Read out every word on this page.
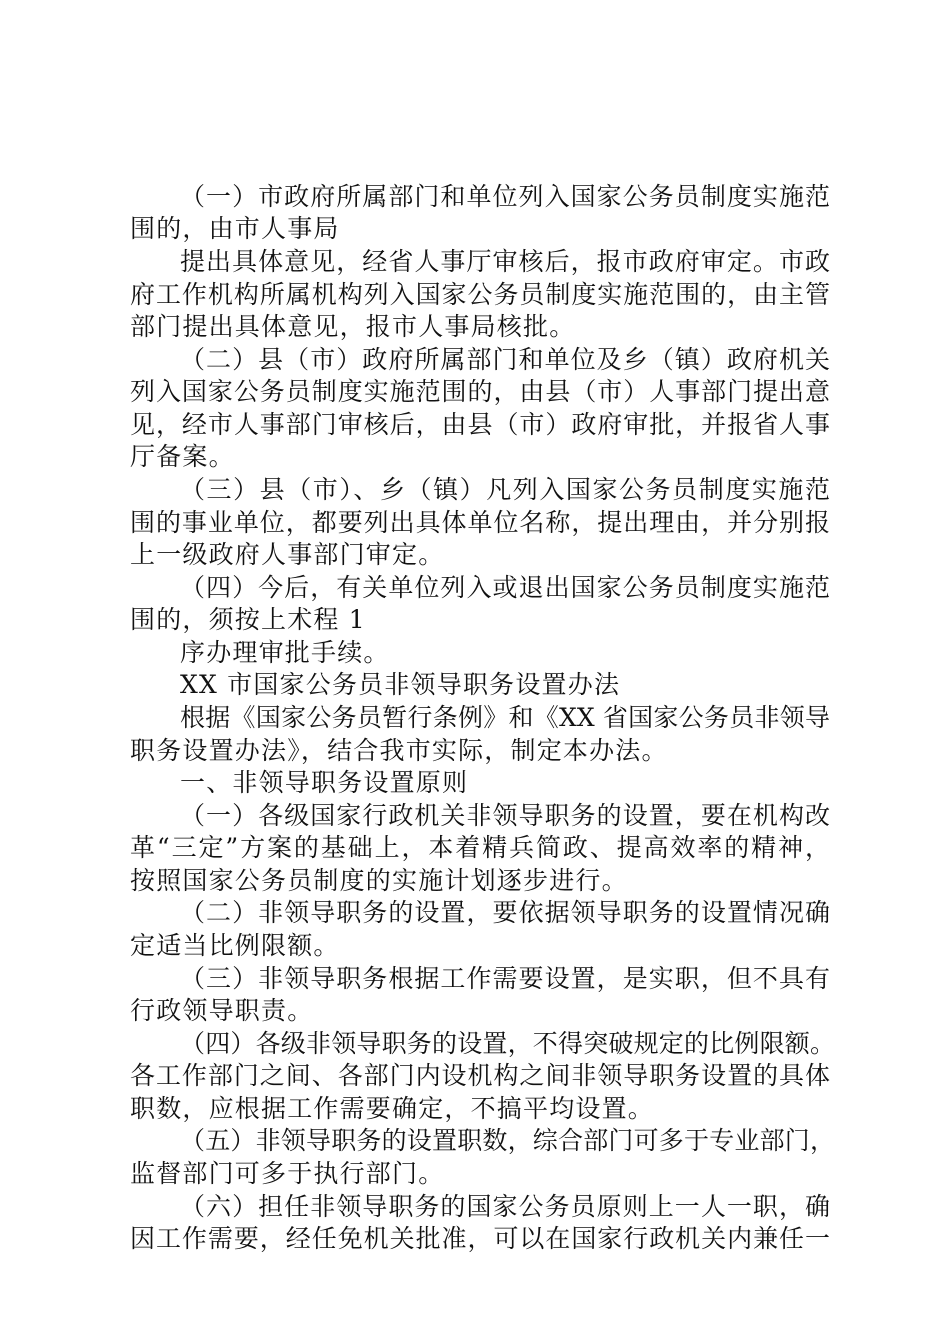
（一）市政府所属部门和单位列入国家公务员制度实施范
围的，由市人事局
提出具体意见，经省人事厅审核后，报市政府审定。市政
府工作机构所属机构列入国家公务员制度实施范围的，由主管
部门提出具体意见，报市人事局核批。
（二）县（市）政府所属部门和单位及乡（镇）政府机关
列入国家公务员制度实施范围的，由县（市）人事部门提出意
见，经市人事部门审核后，由县（市）政府审批，并报省人事
厅备案。
（三）县（市）、乡（镇）凡列入国家公务员制度实施范
围的事业单位，都要列出具体单位名称，提出理由，并分别报
上一级政府人事部门审定。
（四）今后，有关单位列入或退出国家公务员制度实施范
围的，须按上术程 1
序办理审批手续。
XX 市国家公务员非领导职务设置办法
根据《国家公务员暂行条例》和《XX 省国家公务员非领导
职务设置办法》，结合我市实际，制定本办法。
一、非领导职务设置原则
（一）各级国家行政机关非领导职务的设置，要在机构改
革“三定”方案的基础上，本着精兵简政、提高效率的精神，
按照国家公务员制度的实施计划逐步进行。
（二）非领导职务的设置，要依据领导职务的设置情况确
定适当比例限额。
（三）非领导职务根据工作需要设置，是实职，但不具有
行政领导职责。
（四）各级非领导职务的设置，不得突破规定的比例限额。
各工作部门之间、各部门内设机构之间非领导职务设置的具体
职数，应根据工作需要确定，不搞平均设置。
（五）非领导职务的设置职数，综合部门可多于专业部门，
监督部门可多于执行部门。
（六）担任非领导职务的国家公务员原则上一人一职，确
因工作需要，经任免机关批准，可以在国家行政机关内兼任一
